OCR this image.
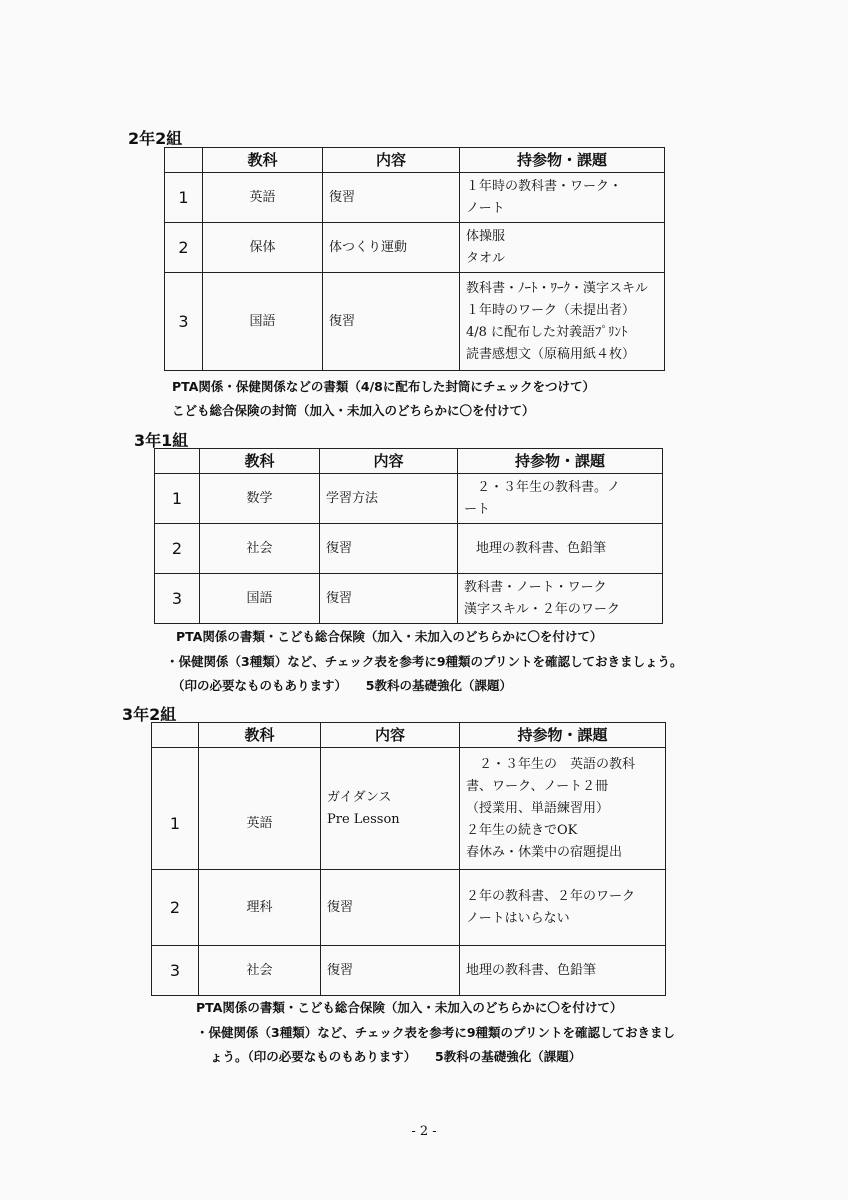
2年2組
	教科	内容	持参物・課題
1	英語	復習	１年時の教科書・ワーク・
ノート
2	保体	体つくり運動	体操服
タオル
3	国語	復習	教科書・ﾉｰﾄ・ﾜｰｸ・漢字スキル
１年時のワーク（未提出者）
4/8 に配布した対義語ﾌﾟﾘﾝﾄ
読書感想文（原稿用紙４枚）
PTA関係・保健関係などの書類（4/8に配布した封筒にチェックをつけて）
こども総合保険の封筒（加入・未加入のどちらかに〇を付けて）
3年1組
	教科	内容	持参物・課題
1	数学	学習方法	　２・３年生の教科書。ノ
ート
2	社会	復習	地理の教科書、色鉛筆
3	国語	復習	教科書・ノート・ワーク
漢字スキル・２年のワーク
PTA関係の書類・こども総合保険（加入・未加入のどちらかに〇を付けて）
・保健関係（3種類）など、チェック表を参考に9種類のプリントを確認しておきましょう。
（印の必要なものもあります）　　5教科の基礎強化（課題）
3年2組
	教科	内容	持参物・課題
1	英語	ガイダンス
Pre Lesson	　２・３年生の　英語の教科
書、ワーク、ノート２冊
（授業用、単語練習用）
２年生の続きでOK
春休み・休業中の宿題提出
2	理科	復習	２年の教科書、２年のワーク
ノートはいらない
3	社会	復習	地理の教科書、色鉛筆
PTA関係の書類・こども総合保険（加入・未加入のどちらかに〇を付けて）
・保健関係（3種類）など、チェック表を参考に9種類のプリントを確認しておきまし
ょう。（印の必要なものもあります）　　5教科の基礎強化（課題）
- 2 -
